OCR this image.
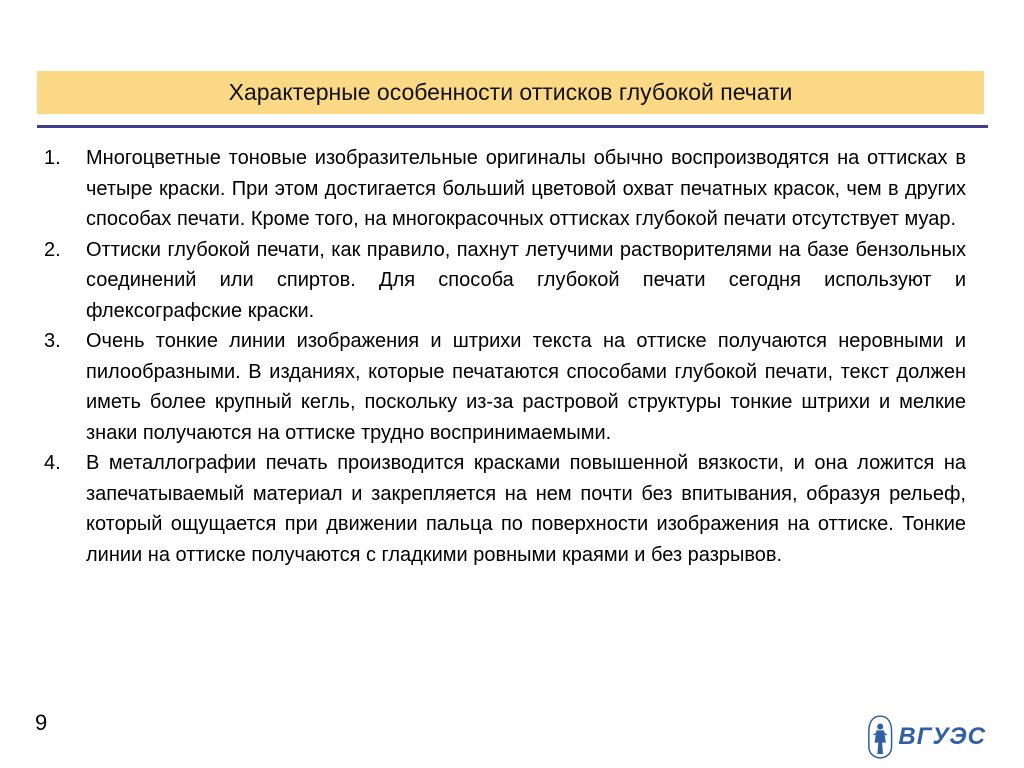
Характерные особенности оттисков глубокой печати
1.	Многоцветные тоновые изобразительные оригиналы обычно воспроизводятся на оттисках в четыре краски. При этом достигается больший цветовой охват печатных красок, чем в других способах печати. Кроме того, на многокрасочных оттисках глубокой печати отсутствует муар.
2.	Оттиски глубокой печати, как правило, пахнут летучими растворителями на базе бензольных соединений или спиртов. Для способа глубокой печати сегодня используют и флексографские краски.
3.	Очень тонкие линии изображения и штрихи текста на оттиске получаются неровными и пилообразными. В изданиях, которые печатаются способами глубокой печати, текст должен иметь более крупный кегль, поскольку из-за растровой структуры тонкие штрихи и мелкие знаки получаются на оттиске трудно воспринимаемыми.
4.	В металлографии печать производится красками повышенной вязкости, и она ложится на запечатываемый материал и закрепляется на нем почти без впитывания, образуя рельеф, который ощущается при движении пальца по поверхности изображения на оттиске. Тонкие линии на оттиске получаются с гладкими ровными краями и без разрывов.
9
ВГУЭС
